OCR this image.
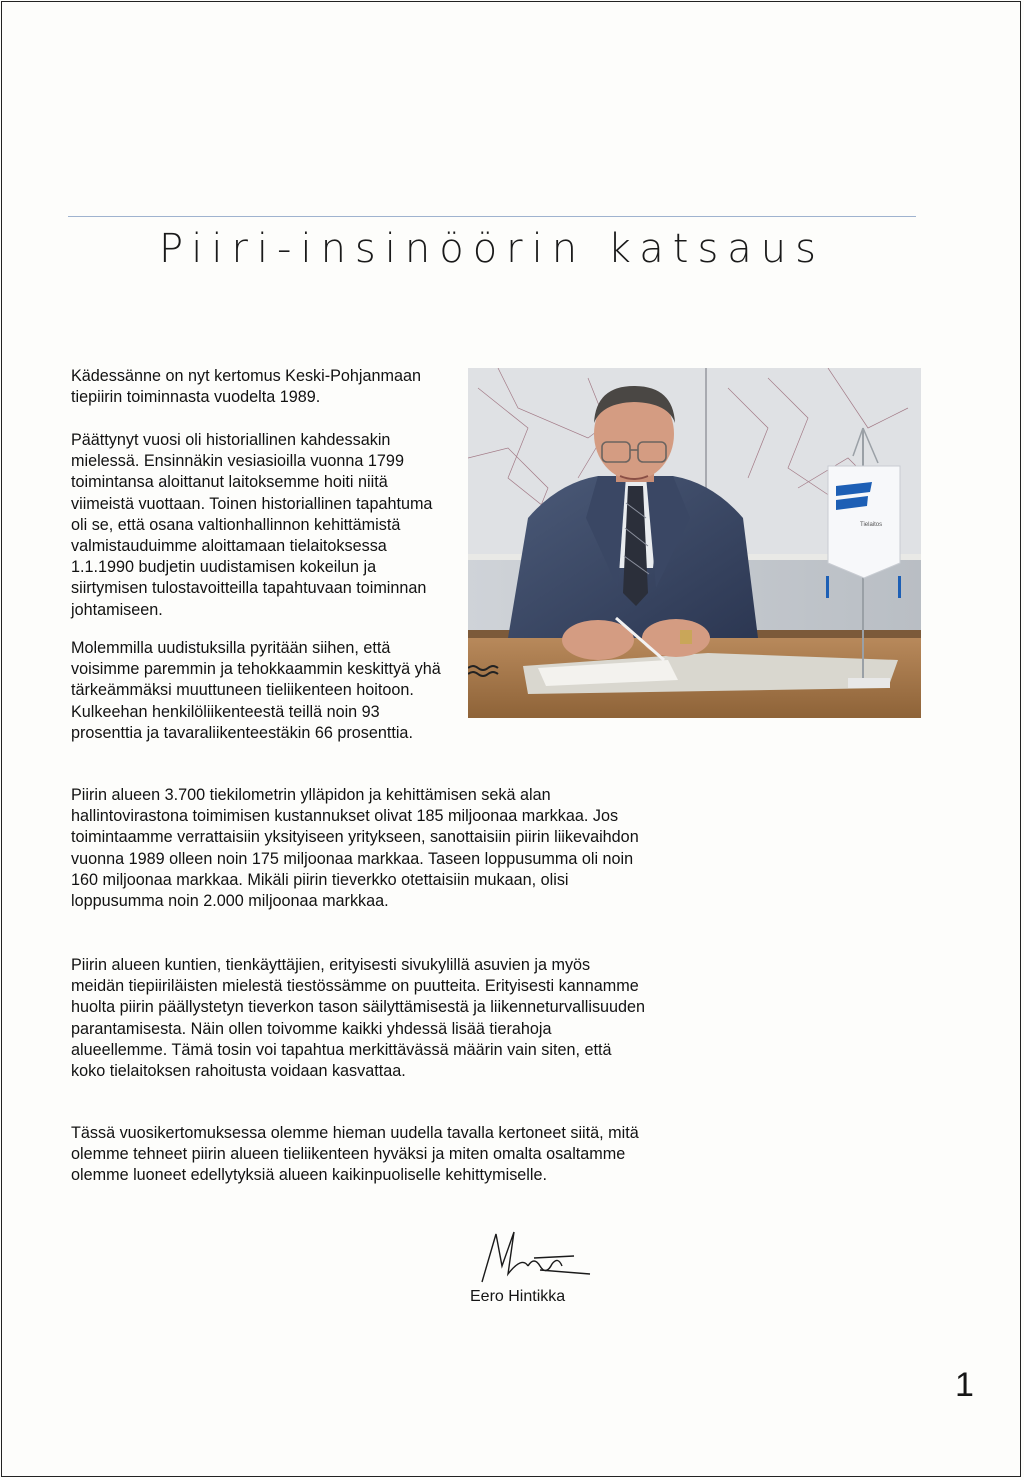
Piiri-insinöörin katsaus

Kädessänne on nyt kertomus Keski-Pohjanmaan tiepiirin toiminnasta vuodelta 1989.

Päättynyt vuosi oli historiallinen kahdessakin mielessä. Ensinnäkin vesiasioilla vuonna 1799 toimintansa aloittanut laitoksemme hoiti niitä viimeistä vuottaan. Toinen historiallinen tapahtuma oli se, että osana valtionhallinnon kehittämistä valmistauduimme aloittamaan tielaitoksessa 1.1.1990 budjetin uudistamisen kokeilun ja siirtymisen tulostavoitteilla tapahtuvaan toiminnan johtamiseen.

Molemmilla uudistuksilla pyritään siihen, että voisimme paremmin ja tehokkaammin keskittyä yhä tärkeämmäksi muuttuneen tieliikenteen hoitoon. Kulkeehan henkilöliikenteestä teillä noin 93 prosenttia ja tavaraliikenteestäkin 66 prosenttia.

Piirin alueen 3.700 tiekilometrin ylläpidon ja kehittämisen sekä alan hallintovirastona toimimisen kustannukset olivat 185 miljoonaa markkaa. Jos toimintaamme verrattaisiin yksityiseen yritykseen, sanottaisiin piirin liikevaihdon vuonna 1989 olleen noin 175 miljoonaa markkaa. Taseen loppusumma oli noin 160 miljoonaa markkaa. Mikäli piirin tieverkko otettaisiin mukaan, olisi loppusumma noin 2.000 miljoonaa markkaa.

Piirin alueen kuntien, tienkäyttäjien, erityisesti sivukylillä asuvien ja myös meidän tiepiiriläisten mielestä tiestössämme on puutteita. Erityisesti kannamme huolta piirin päällystetyn tieverkon tason säilyttämisestä ja liikenneturvallisuuden parantamisesta. Näin ollen toivomme kaikki yhdessä lisää tierahoja alueellemme. Tämä tosin voi tapahtua merkittävässä määrin vain siten, että koko tielaitoksen rahoitusta voidaan kasvattaa.

Tässä vuosikertomuksessa olemme hieman uudella tavalla kertoneet siitä, mitä olemme tehneet piirin alueen tieliikenteen hyväksi ja miten omalta osaltamme olemme luoneet edellytyksiä alueen kaikinpuoliselle kehittymiselle.

Tielaitos
Eero Hintikka
1
